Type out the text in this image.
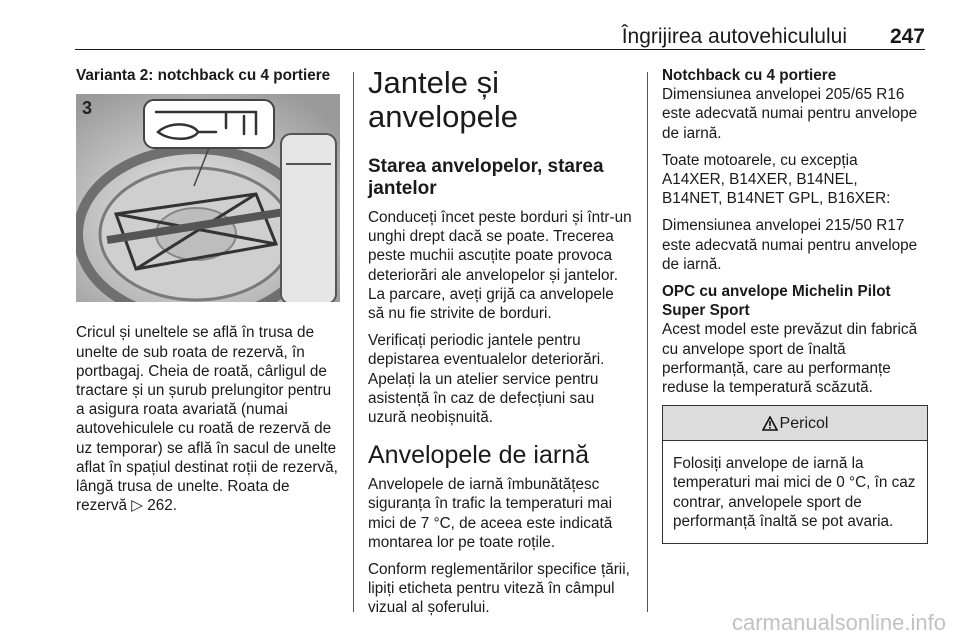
Îngrijirea autovehiculului 247
Varianta 2: notchback cu 4 portiere
3

Cricul și uneltele se află în trusa de unelte de sub roata de rezervă, în portbagaj. Cheia de roată, cârligul de tractare și un șurub prelungitor pentru a asigura roata avariată (numai autovehiculele cu roată de rezervă de uz temporar) se află în sacul de unelte aflat în spațiul destinat roții de rezervă, lângă trusa de unelte. Roata de rezervă ▷ 262.

Jantele și anvelopele
Starea anvelopelor, starea jantelor

Conduceți încet peste borduri și într-un unghi drept dacă se poate. Trecerea peste muchii ascuțite poate provoca deteriorări ale anvelopelor și jantelor. La parcare, aveți grijă ca anvelopele să nu fie strivite de borduri.

Verificați periodic jantele pentru depistarea eventualelor deteriorări. Apelați la un atelier service pentru asistență în caz de defecțiuni sau uzură neobișnuită.

Anvelopele de iarnă

Anvelopele de iarnă îmbunătățesc siguranța în trafic la temperaturi mai mici de 7 °C, de aceea este indicată montarea lor pe toate roțile.

Conform reglementărilor specifice țării, lipiți eticheta pentru viteză în câmpul vizual al șoferului.

Notchback cu 4 portiere

Dimensiunea anvelopei 205/65 R16 este adecvată numai pentru anvelope de iarnă.

Toate motoarele, cu excepția
A14XER, B14XER, B14NEL,
B14NET, B14NET GPL, B16XER:

Dimensiunea anvelopei 215/50 R17 este adecvată numai pentru anvelope de iarnă.

OPC cu anvelope Michelin Pilot Super Sport

Acest model este prevăzut din fabrică cu anvelope sport de înaltă performanță, care au performanțe reduse la temperatură scăzută.

Pericol
Folosiți anvelope de iarnă la temperaturi mai mici de 0 °C, în caz contrar, anvelopele sport de performanță înaltă se pot avaria.
carmanualsonline.info
